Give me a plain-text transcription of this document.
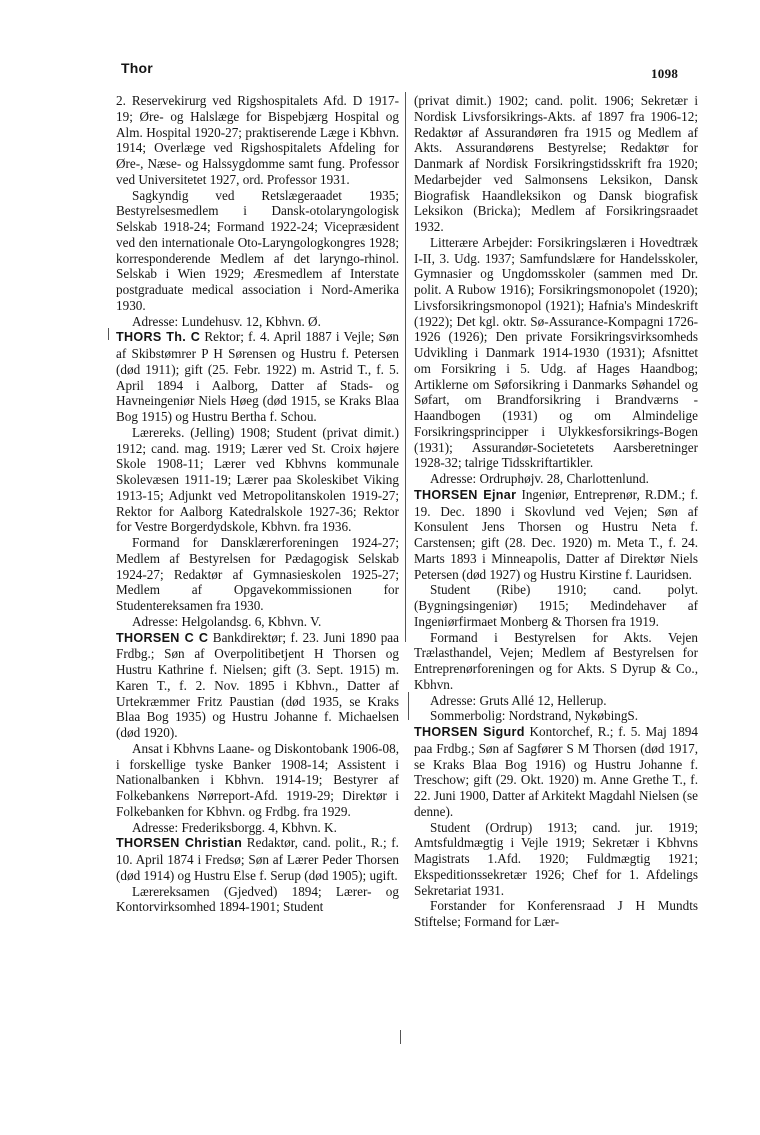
Thor	1098

2. Reservekirurg ved Rigshospitalets Afd. D 1917-19; Øre- og Halslæge for Bispebjærg Hospital og Alm. Hospital 1920-27; praktiserende Læge i Kbhvn. 1914; Overlæge ved Rigshospitalets Afdeling for Øre-, Næse- og Halssygdomme samt fung. Professor ved Universitetet 1927, ord. Professor 1931.

Sagkyndig ved Retslægeraadet 1935; Bestyrelsesmedlem i Dansk-otolaryngologisk Selskab 1918-24; Formand 1922-24; Vicepræsident ved den internationale Oto-Laryngologkongres 1928; korresponderende Medlem af det laryngo-rhinol. Selskab i Wien 1929; Æresmedlem af Interstate postgraduate medical association i Nord-Amerika 1930.

Adresse: Lundehusv. 12, Kbhvn. Ø.

THORS Th. C Rektor; f. 4. April 1887 i Vejle; Søn af Skibstømrer P H Sørensen og Hustru f. Petersen (død 1911); gift (25. Febr. 1922) m. Astrid T., f. 5. April 1894 i Aalborg, Datter af Stads- og Havneingeniør Niels Høeg (død 1915, se Kraks Blaa Bog 1915) og Hustru Bertha f. Schou.

Lærereks. (Jelling) 1908; Student (privat dimit.) 1912; cand. mag. 1919; Lærer ved St. Croix højere Skole 1908-11; Lærer ved Kbhvns kommunale Skolevæsen 1911-19; Lærer paa Skoleskibet Viking 1913-15; Adjunkt ved Metropolitanskolen 1919-27; Rektor for Aalborg Katedralskole 1927-36; Rektor for Vestre Borgerdydskole, Kbhvn. fra 1936.

Formand for Dansklærerforeningen 1924-27; Medlem af Bestyrelsen for Pædagogisk Selskab 1924-27; Redaktør af Gymnasieskolen 1925-27; Medlem af Opgavekommissionen for Studentereksamen fra 1930.

Adresse: Helgolandsg. 6, Kbhvn. V.

THORSEN C C Bankdirektør; f. 23. Juni 1890 paa Frdbg.; Søn af Overpolitibetjent H Thorsen og Hustru Kathrine f. Nielsen; gift (3. Sept. 1915) m. Karen T., f. 2. Nov. 1895 i Kbhvn., Datter af Urtekræmmer Fritz Paustian (død 1935, se Kraks Blaa Bog 1935) og Hustru Johanne f. Michaelsen (død 1920).

Ansat i Kbhvns Laane- og Diskontobank 1906-08, i forskellige tyske Banker 1908-14; Assistent i Nationalbanken i Kbhvn. 1914-19; Bestyrer af Folkebankens Nørreport-Afd. 1919-29; Direktør i Folkebanken for Kbhvn. og Frdbg. fra 1929.

Adresse: Frederiksborgg. 4, Kbhvn. K.

THORSEN Christian Redaktør, cand. polit., R.; f. 10. April 1874 i Fredsø; Søn af Lærer Peder Thorsen (død 1914) og Hustru Else f. Serup (død 1905); ugift.

Lærereksamen (Gjedved) 1894; Lærer- og Kontorvirksomhed 1894-1901; Student

(privat dimit.) 1902; cand. polit. 1906; Sekretær i Nordisk Livsforsikrings-Akts. af 1897 fra 1906-12; Redaktør af Assurandøren fra 1915 og Medlem af Akts. Assurandørens Bestyrelse; Redaktør for Danmark af Nordisk Forsikringstidsskrift fra 1920; Medarbejder ved Salmonsens Leksikon, Dansk Biografisk Haandleksikon og Dansk biografisk Leksikon (Bricka); Medlem af Forsikringsraadet 1932.

Litterære Arbejder: Forsikringslæren i Hovedtræk I-II, 3. Udg. 1937; Samfundslære for Handelsskoler, Gymnasier og Ungdomsskoler (sammen med Dr. polit. A Rubow 1916); Forsikringsmonopolet (1920); Livsforsikringsmonopol (1921); Hafnia's Mindeskrift (1922); Det kgl. oktr. Sø-Assurance-Kompagni 1726-1926 (1926); Den private Forsikringsvirksomheds Udvikling i Danmark 1914-1930 (1931); Afsnittet om Forsikring i 5. Udg. af Hages Haandbog; Artiklerne om Søforsikring i Danmarks Søhandel og Søfart, om Brandforsikring i Brandværns -Haandbogen (1931) og om Almindelige Forsikringsprincipper i Ulykkesforsikrings-Bogen (1931); Assurandør-Societetets Aarsberetninger 1928-32; talrige Tidsskriftartikler.

Adresse: Ordruphøjv. 28, Charlottenlund.

THORSEN Ejnar Ingeniør, Entreprenør, R.DM.; f. 19. Dec. 1890 i Skovlund ved Vejen; Søn af Konsulent Jens Thorsen og Hustru Neta f. Carstensen; gift (28. Dec. 1920) m. Meta T., f. 24. Marts 1893 i Minneapolis, Datter af Direktør Niels Petersen (død 1927) og Hustru Kirstine f. Lauridsen.

Student (Ribe) 1910; cand. polyt. (Bygningsingeniør) 1915; Medindehaver af Ingeniørfirmaet Monberg & Thorsen fra 1919.

Formand i Bestyrelsen for Akts. Vejen Trælasthandel, Vejen; Medlem af Bestyrelsen for Entreprenørforeningen og for Akts. S Dyrup & Co., Kbhvn.

Adresse: Gruts Allé 12, Hellerup.

Sommerbolig: Nordstrand, NykøbingS.

THORSEN Sigurd Kontorchef, R.; f. 5. Maj 1894 paa Frdbg.; Søn af Sagfører S M Thorsen (død 1917, se Kraks Blaa Bog 1916) og Hustru Johanne f. Treschow; gift (29. Okt. 1920) m. Anne Grethe T., f. 22. Juni 1900, Datter af Arkitekt Magdahl Nielsen (se denne).

Student (Ordrup) 1913; cand. jur. 1919; Amtsfuldmægtig i Vejle 1919; Sekretær i Kbhvns Magistrats 1.Afd. 1920; Fuldmægtig 1921; Ekspeditionssekretær 1926; Chef for 1. Afdelings Sekretariat 1931.

Forstander for Konferensraad J H Mundts Stiftelse; Formand for Lær-
